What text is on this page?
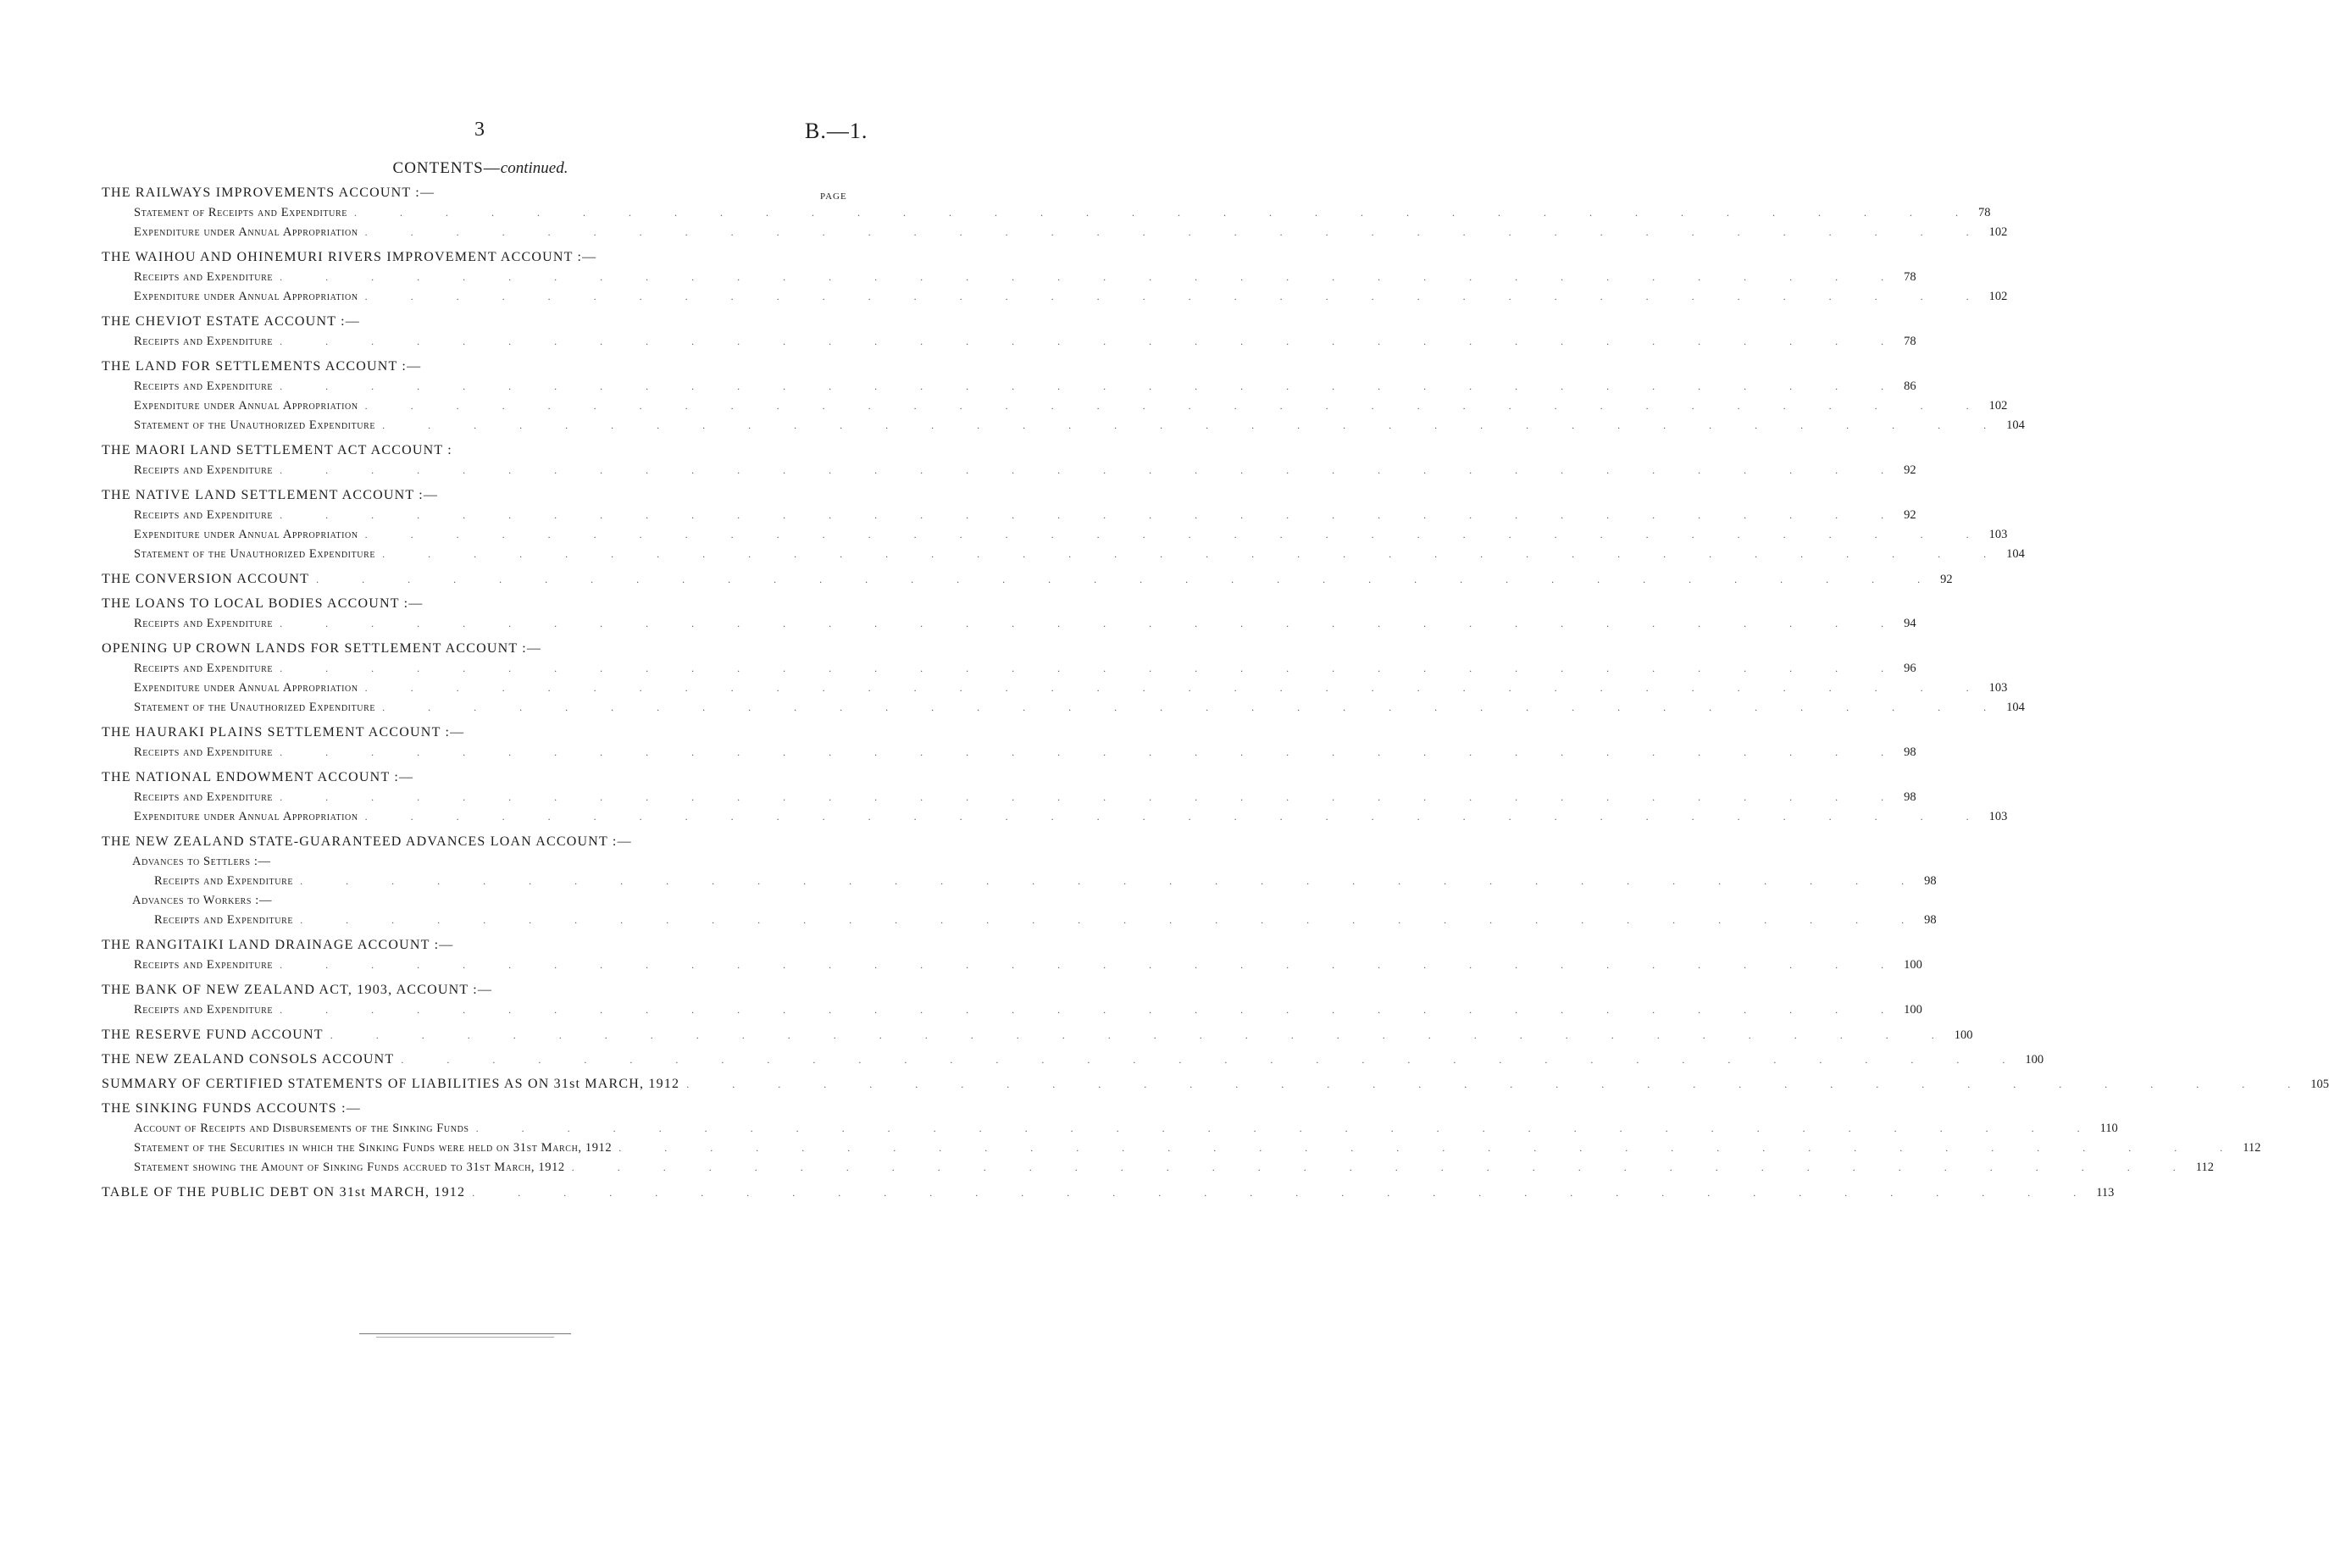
3	B.—1.
CONTENTS—continued.
PAGE
THE RAILWAYS IMPROVEMENTS ACCOUNT :—
Statement of Receipts and Expenditure . . . . . . . . . . . . . . . . . . . . . . . . . . . . . . . . . . . . 78
Expenditure under Annual Appropriation . . . . . . . . . . . . . . . . . . . . . . . . . . . . . . . . . . . . 102
THE WAIHOU AND OHINEMURI RIVERS IMPROVEMENT ACCOUNT :—
Receipts and Expenditure . . . . . . . . . . . . . . . . . . . . . . . . . . . . . . . . . . . . 78
Expenditure under Annual Appropriation . . . . . . . . . . . . . . . . . . . . . . . . . . . . . . . . . . . . 102
THE CHEVIOT ESTATE ACCOUNT :—
Receipts and Expenditure . . . . . . . . . . . . . . . . . . . . . . . . . . . . . . . . . . . . 78
THE LAND FOR SETTLEMENTS ACCOUNT :—
Receipts and Expenditure . . . . . . . . . . . . . . . . . . . . . . . . . . . . . . . . . . . . 86
Expenditure under Annual Appropriation . . . . . . . . . . . . . . . . . . . . . . . . . . . . . . . . . . . . 102
Statement of the Unauthorized Expenditure . . . . . . . . . . . . . . . . . . . . . . . . . . . . . . . . . . . . 104
THE MAORI LAND SETTLEMENT ACT ACCOUNT :
Receipts and Expenditure . . . . . . . . . . . . . . . . . . . . . . . . . . . . . . . . . . . . 92
THE NATIVE LAND SETTLEMENT ACCOUNT :—
Receipts and Expenditure . . . . . . . . . . . . . . . . . . . . . . . . . . . . . . . . . . . . 92
Expenditure under Annual Appropriation . . . . . . . . . . . . . . . . . . . . . . . . . . . . . . . . . . . . 103
Statement of the Unauthorized Expenditure . . . . . . . . . . . . . . . . . . . . . . . . . . . . . . . . . . . . 104
THE CONVERSION ACCOUNT . . . . . . . . . . . . . . . . . . . . . . . . . . . . . . . . . . . . 92
THE LOANS TO LOCAL BODIES ACCOUNT :—
Receipts and Expenditure . . . . . . . . . . . . . . . . . . . . . . . . . . . . . . . . . . . . 94
OPENING UP CROWN LANDS FOR SETTLEMENT ACCOUNT :—
Receipts and Expenditure . . . . . . . . . . . . . . . . . . . . . . . . . . . . . . . . . . . . 96
Expenditure under Annual Appropriation . . . . . . . . . . . . . . . . . . . . . . . . . . . . . . . . . . . . 103
Statement of the Unauthorized Expenditure . . . . . . . . . . . . . . . . . . . . . . . . . . . . . . . . . . . . 104
THE HAURAKI PLAINS SETTLEMENT ACCOUNT :—
Receipts and Expenditure . . . . . . . . . . . . . . . . . . . . . . . . . . . . . . . . . . . . 98
THE NATIONAL ENDOWMENT ACCOUNT :—
Receipts and Expenditure . . . . . . . . . . . . . . . . . . . . . . . . . . . . . . . . . . . . 98
Expenditure under Annual Appropriation . . . . . . . . . . . . . . . . . . . . . . . . . . . . . . . . . . . . 103
THE NEW ZEALAND STATE-GUARANTEED ADVANCES LOAN ACCOUNT :—
Advances to Settlers :—
Receipts and Expenditure . . . . . . . . . . . . . . . . . . . . . . . . . . . . . . . . . . . . 98
Advances to Workers :—
Receipts and Expenditure . . . . . . . . . . . . . . . . . . . . . . . . . . . . . . . . . . . . 98
THE RANGITAIKI LAND DRAINAGE ACCOUNT :—
Receipts and Expenditure . . . . . . . . . . . . . . . . . . . . . . . . . . . . . . . . . . . . 100
THE BANK OF NEW ZEALAND ACT, 1903, ACCOUNT :—
Receipts and Expenditure . . . . . . . . . . . . . . . . . . . . . . . . . . . . . . . . . . . . 100
THE RESERVE FUND ACCOUNT . . . . . . . . . . . . . . . . . . . . . . . . . . . . . . . . . . . . 100
THE NEW ZEALAND CONSOLS ACCOUNT . . . . . . . . . . . . . . . . . . . . . . . . . . . . . . . . . . . . 100
SUMMARY OF CERTIFIED STATEMENTS OF LIABILITIES AS ON 31st MARCH, 1912 . . . . . . . . . . . . . . . . . . . . . . . . . . . . . . . . . . . . 105
THE SINKING FUNDS ACCOUNTS :—
Account of Receipts and Disbursements of the Sinking Funds . . . . . . . . . . . . . . . . . . . . . . . . . . . . . . . . . . . . 110
Statement of the Securities in which the Sinking Funds were held on 31st March, 1912 . . . . . . . . . . . . . . . . . . . . . . . . . . . . . . . . . . . . 112
Statement showing the Amount of Sinking Funds accrued to 31st March, 1912 . . . . . . . . . . . . . . . . . . . . . . . . . . . . . . . . . . . . 112
TABLE OF THE PUBLIC DEBT ON 31st MARCH, 1912 . . . . . . . . . . . . . . . . . . . . . . . . . . . . . . . . . . . . 113
